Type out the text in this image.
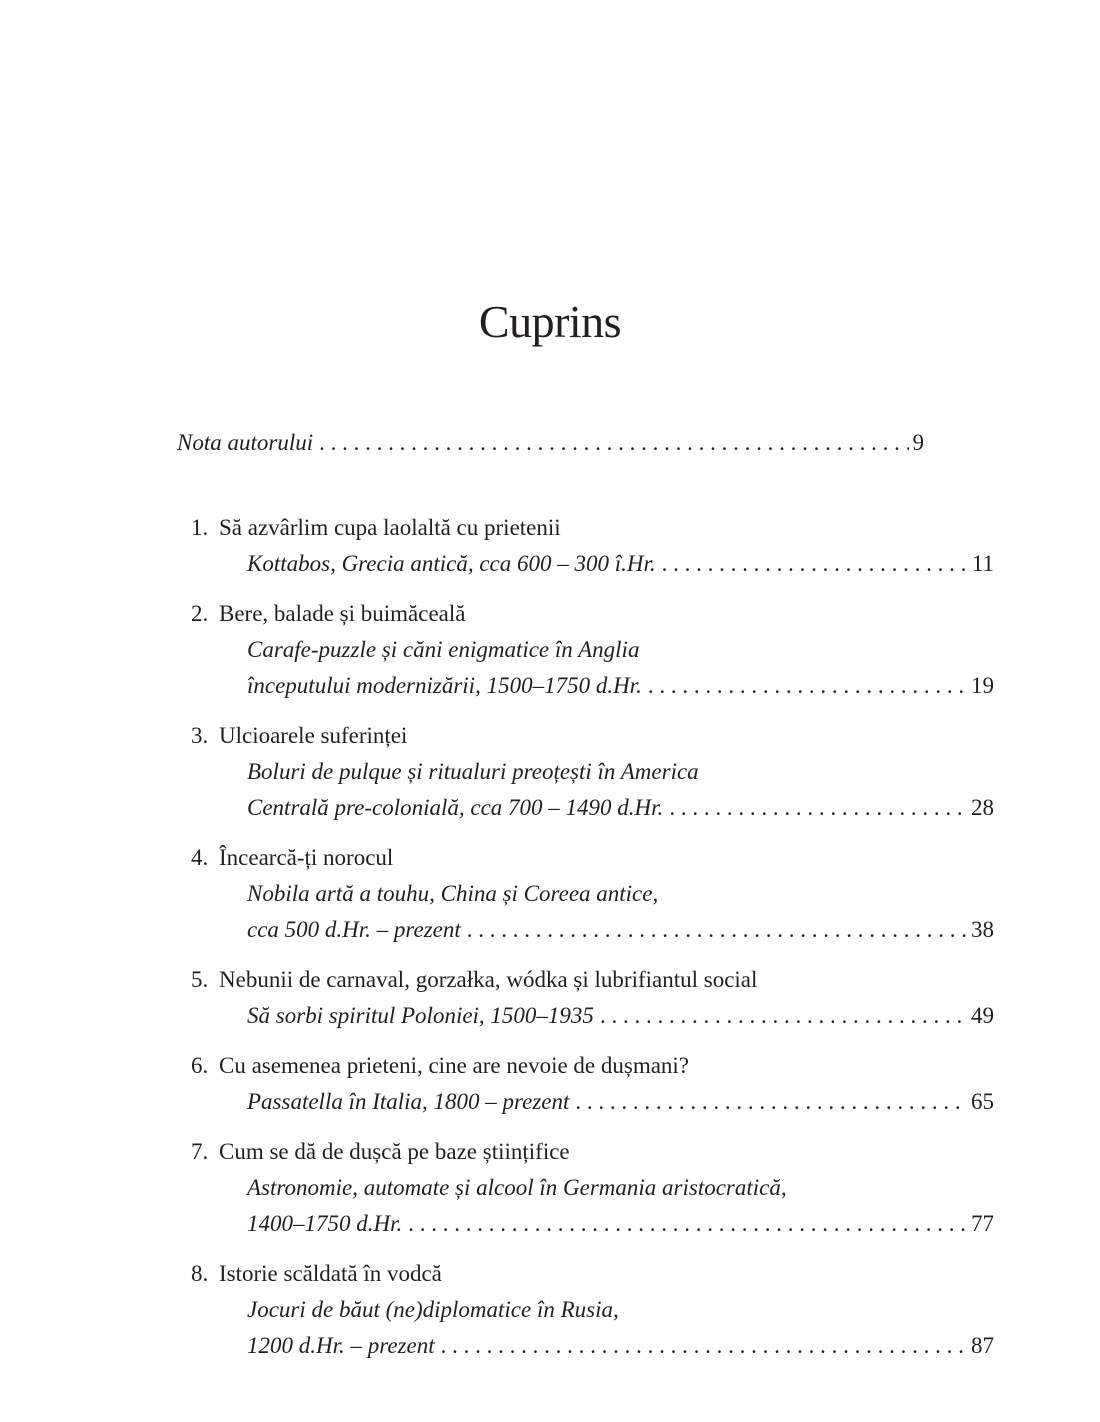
Cuprins
Nota autorului . . .	9
1. Să azvârlim cupa laolaltă cu prietenii
Kottabos, Grecia antică, cca 600 – 300 î.Hr. . . .	11
2. Bere, balade și buimăceală
Carafe-puzzle și căni enigmatice în Anglia
începutului modernizării, 1500–1750 d.Hr. . . .	19
3. Ulcioarele suferinței
Boluri de pulque și ritualuri preoțești în America
Centrală pre-colonială, cca 700 – 1490 d.Hr. . . .	28
4. Încearcă-ți norocul
Nobila artă a touhu, China și Coreea antice,
cca 500 d.Hr. – prezent . . .	38
5. Nebunii de carnaval, gorzałka, wódka și lubrifiantul social
Să sorbi spiritul Poloniei, 1500–1935 . . .	49
6. Cu asemenea prieteni, cine are nevoie de dușmani?
Passatella în Italia, 1800 – prezent . . .	65
7. Cum se dă de dușcă pe baze științifice
Astronomie, automate și alcool în Germania aristocratică,
1400–1750 d.Hr. . . .	77
8. Istorie scăldată în vodcă
Jocuri de băut (ne)diplomatice în Rusia,
1200 d.Hr. – prezent . . .	87
